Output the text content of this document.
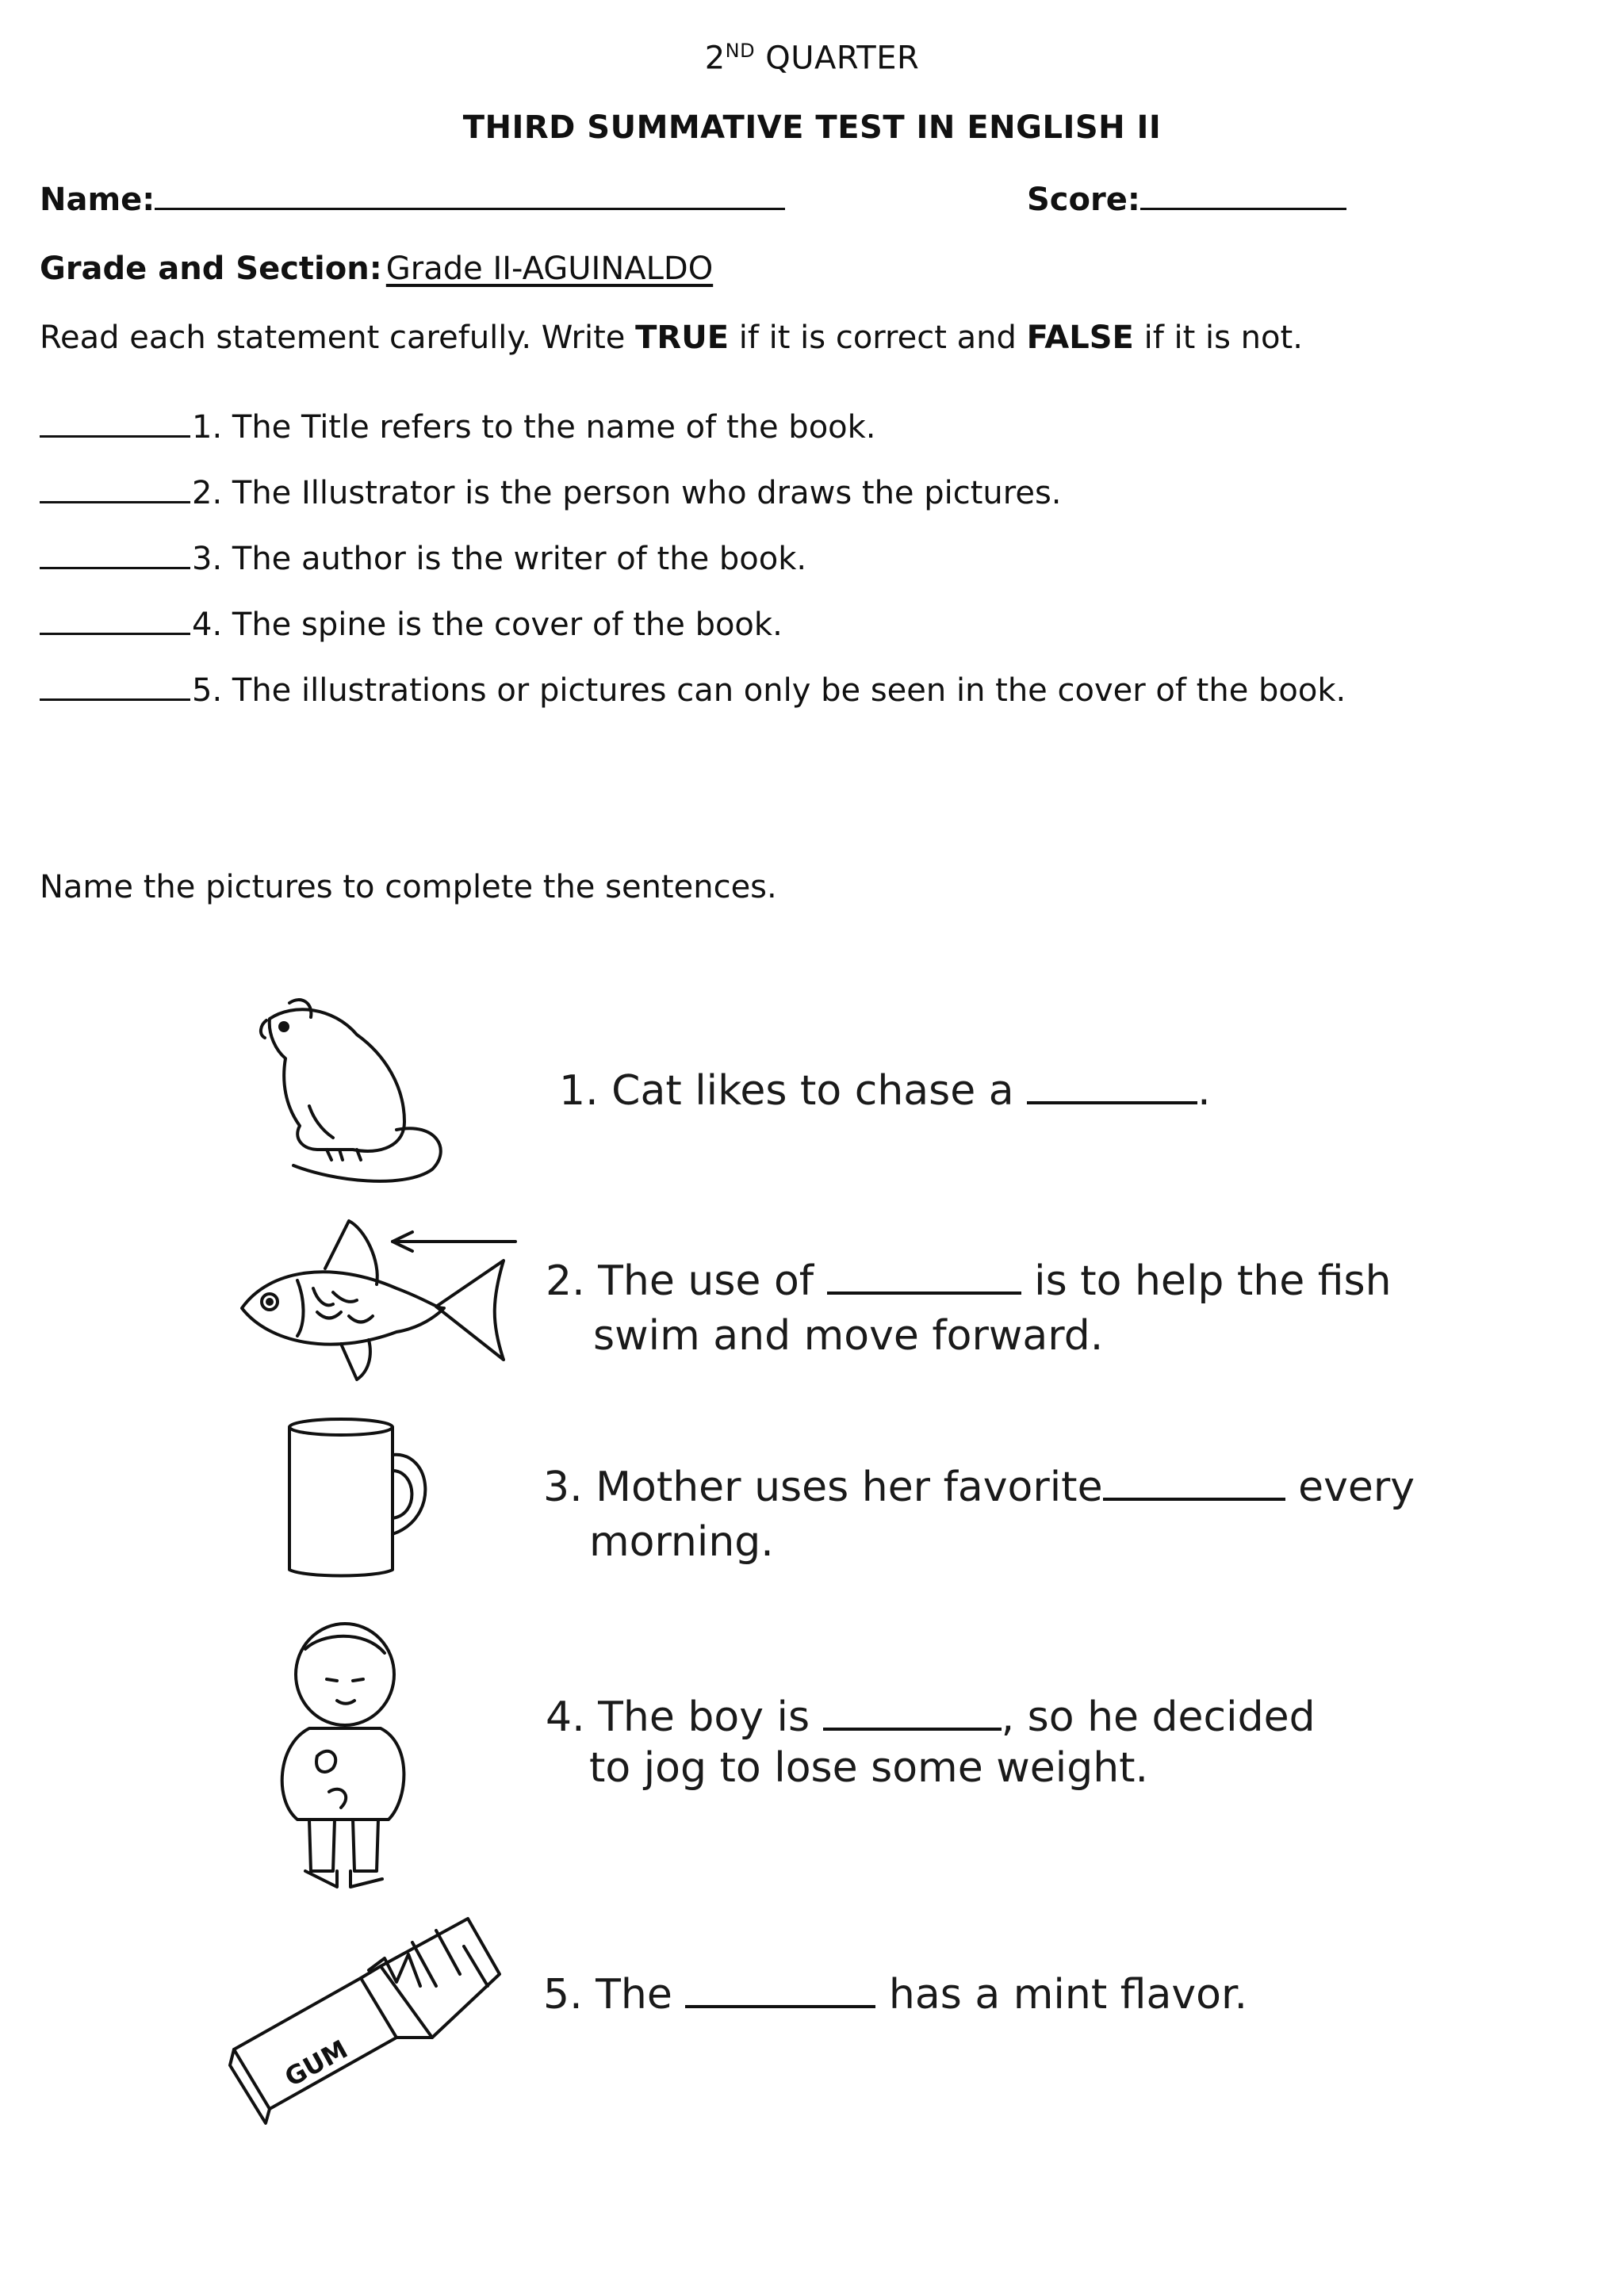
2ND QUARTER
THIRD SUMMATIVE TEST IN ENGLISH II
Name:	Score:
Grade and Section: Grade II-AGUINALDO
Read each statement carefully. Write TRUE if it is correct and FALSE if it is not.
1. The Title refers to the name of the book.
2. The Illustrator is the person who draws the pictures.
3. The author is the writer of the book.
4. The spine is the cover of the book.
5. The illustrations or pictures can only be seen in the cover of the book.
Name the pictures to complete the sentences.
1. Cat likes to chase a	.
2. The use of	is to help the fish
swim and move forward.
3. Mother uses her favorite	every
morning.
4. The boy is	, so he decided
to jog to lose some weight.
GUM
5. The	has a mint flavor.
